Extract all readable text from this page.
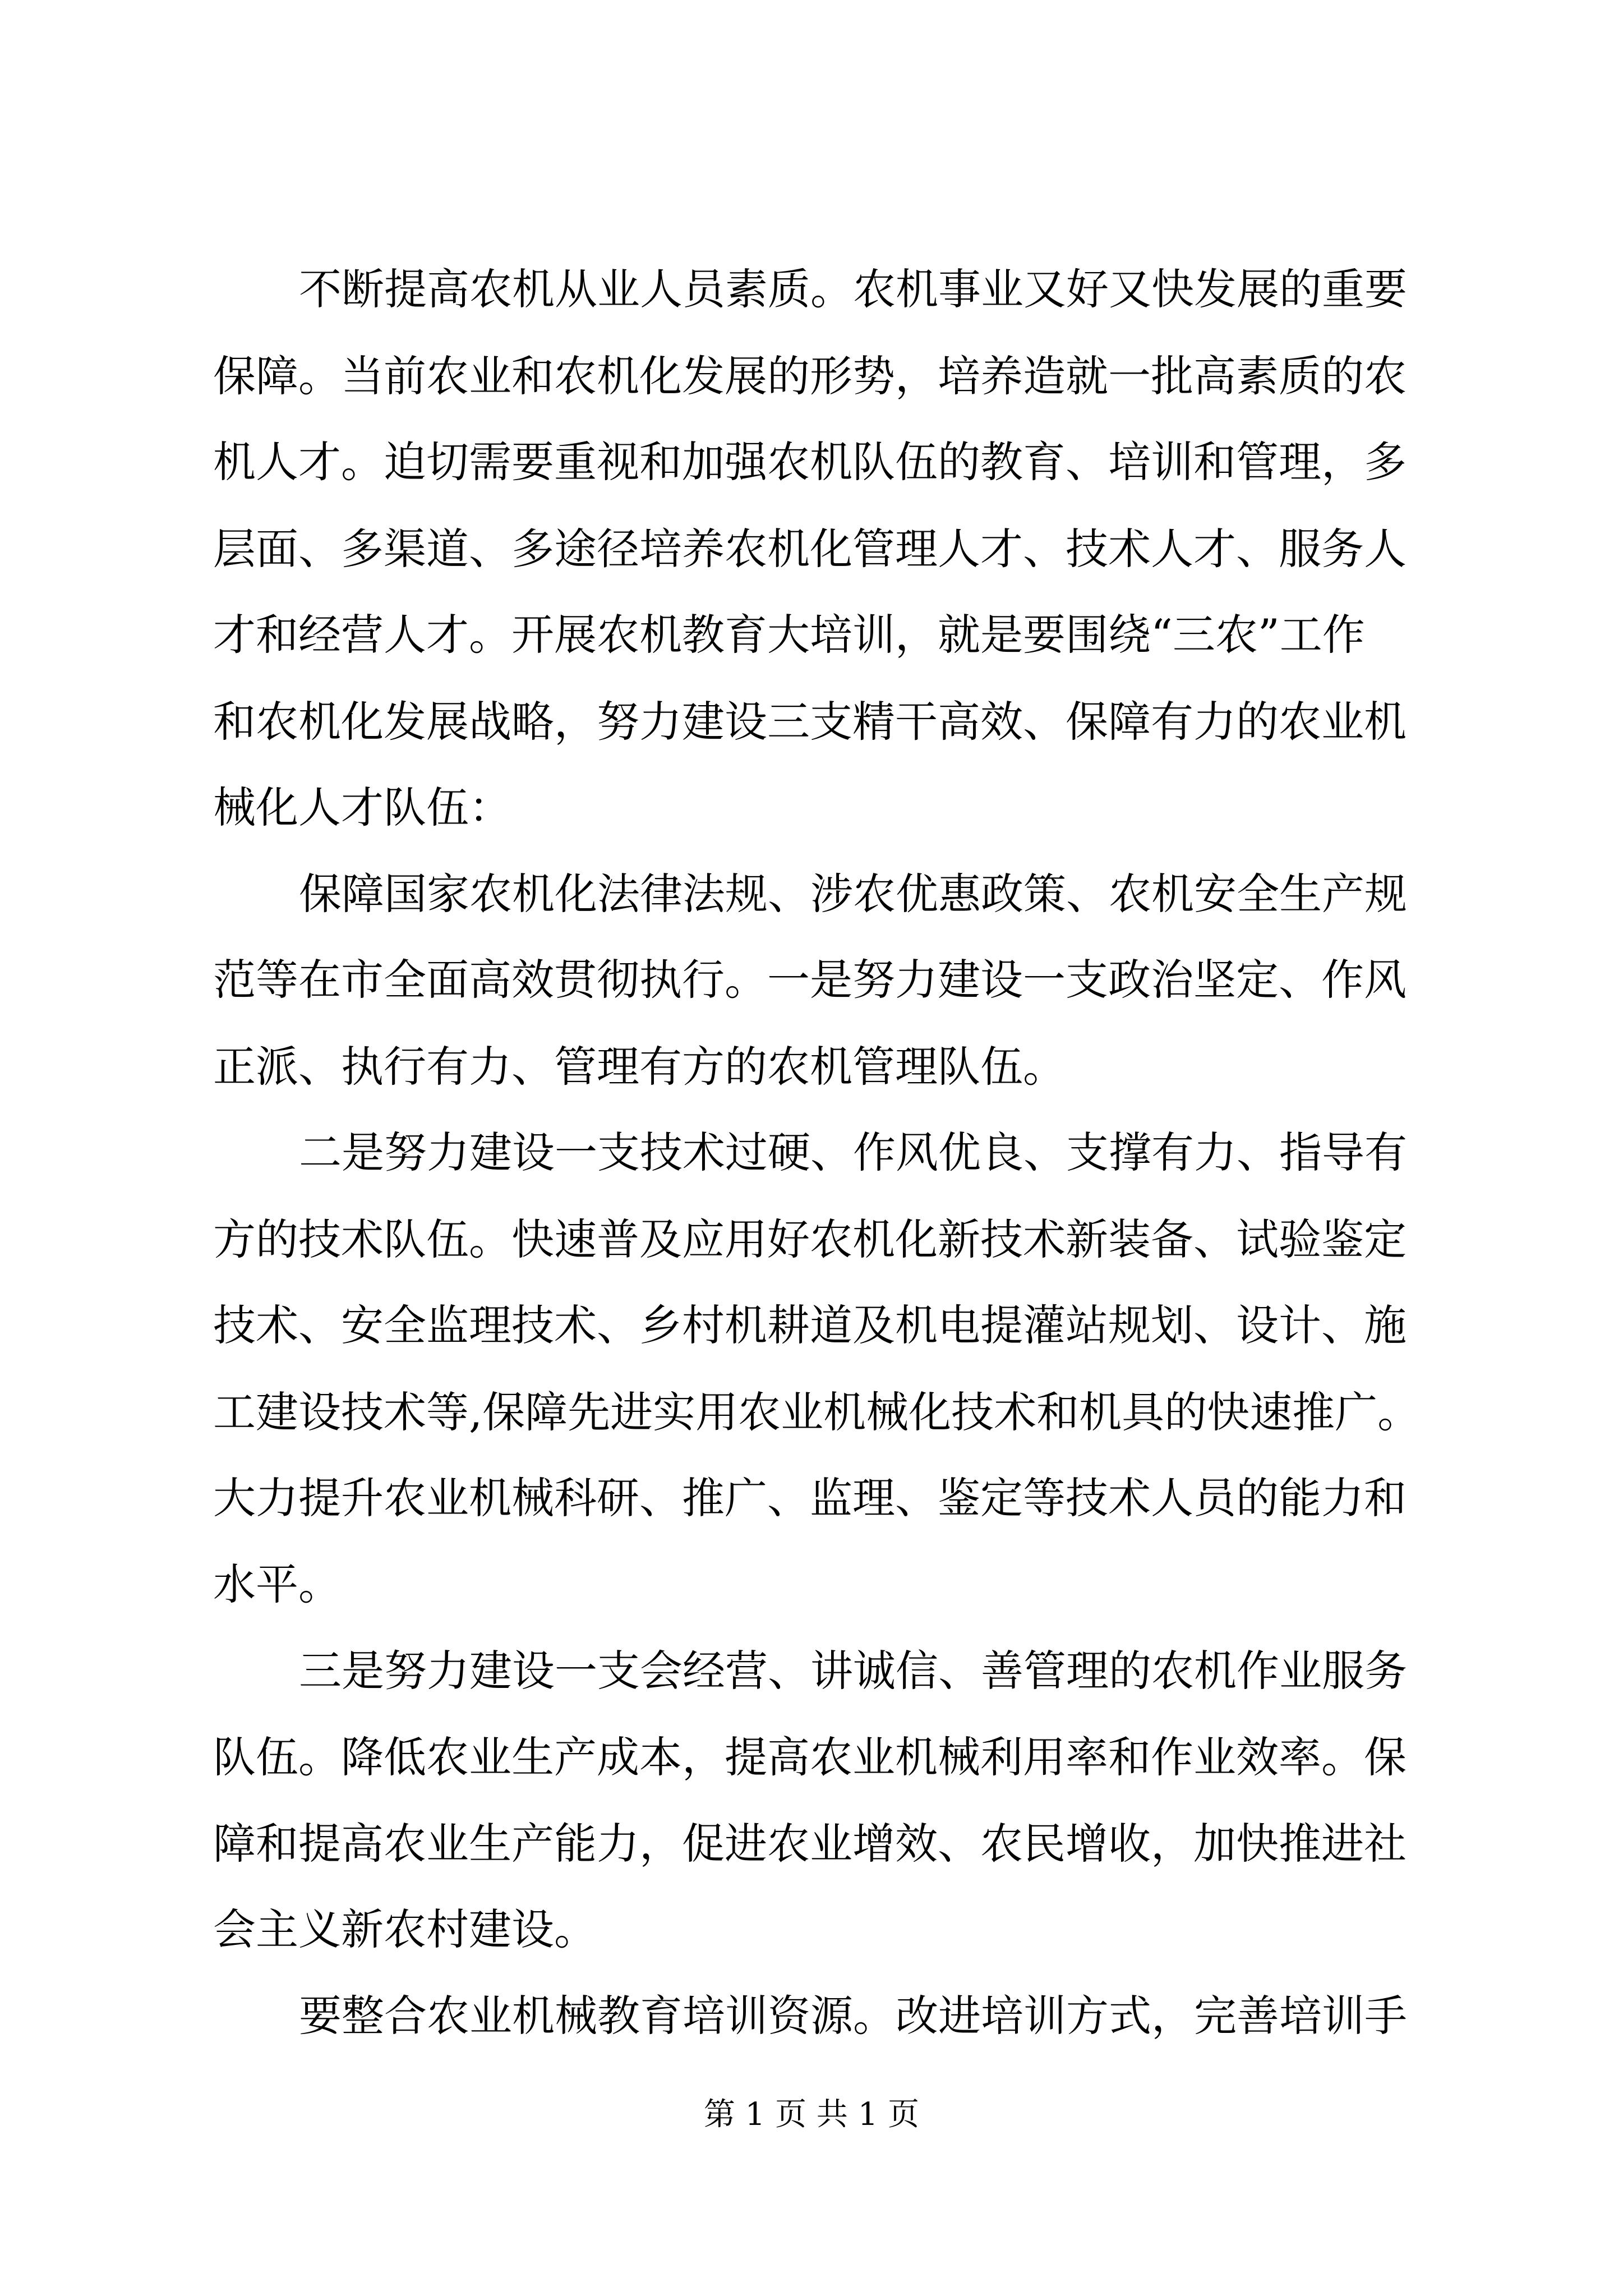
不断提高农机从业人员素质。农机事业又好又快发展的重要
保障。当前农业和农机化发展的形势，培养造就一批高素质的农
机人才。迫切需要重视和加强农机队伍的教育、培训和管理，多
层面、多渠道、多途径培养农机化管理人才、技术人才、服务人
才和经营人才。开展农机教育大培训，就是要围绕“三农”工作
和农机化发展战略，努力建设三支精干高效、保障有力的农业机
械化人才队伍：
保障国家农机化法律法规、涉农优惠政策、农机安全生产规
范等在市全面高效贯彻执行。一是努力建设一支政治坚定、作风
正派、执行有力、管理有方的农机管理队伍。
二是努力建设一支技术过硬、作风优良、支撑有力、指导有
方的技术队伍。快速普及应用好农机化新技术新装备、试验鉴定
技术、安全监理技术、乡村机耕道及机电提灌站规划、设计、施
工建设技术等,保障先进实用农业机械化技术和机具的快速推广。
大力提升农业机械科研、推广、监理、鉴定等技术人员的能力和
水平。
三是努力建设一支会经营、讲诚信、善管理的农机作业服务
队伍。降低农业生产成本，提高农业机械利用率和作业效率。保
障和提高农业生产能力，促进农业增效、农民增收，加快推进社
会主义新农村建设。
要整合农业机械教育培训资源。改进培训方式，完善培训手
第 1 页 共 1 页
